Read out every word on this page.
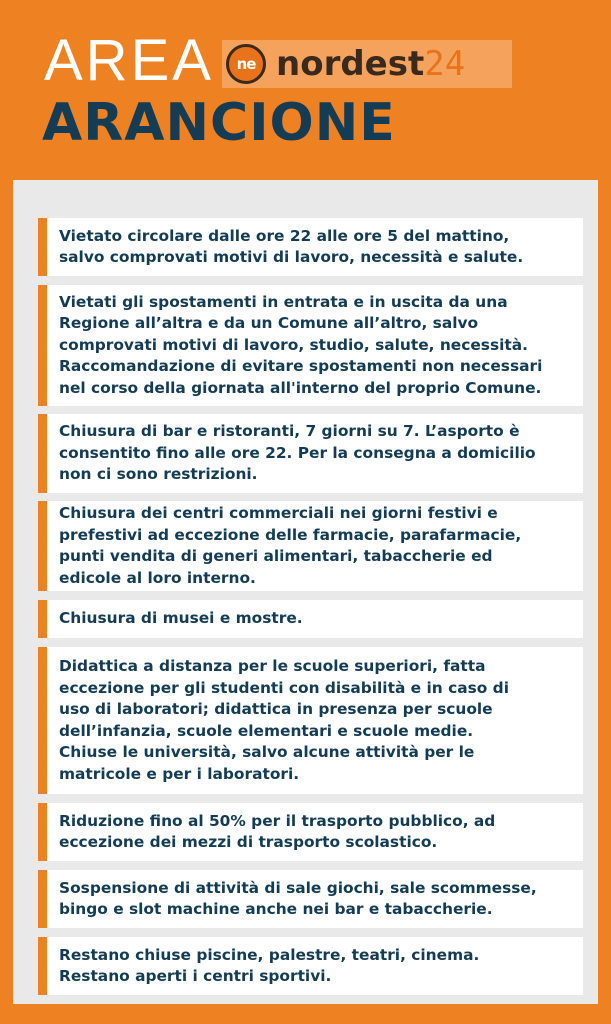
AREA	ne nordest24
ARANCIONE
Vietato circolare dalle ore 22 alle ore 5 del mattino,
salvo comprovati motivi di lavoro, necessità e salute.
Vietati gli spostamenti in entrata e in uscita da una
Regione all’altra e da un Comune all’altro, salvo
comprovati motivi di lavoro, studio, salute, necessità.
Raccomandazione di evitare spostamenti non necessari
nel corso della giornata all'interno del proprio Comune.
Chiusura di bar e ristoranti, 7 giorni su 7. L’asporto è
consentito fino alle ore 22. Per la consegna a domicilio
non ci sono restrizioni.
Chiusura dei centri commerciali nei giorni festivi e
prefestivi ad eccezione delle farmacie, parafarmacie,
punti vendita di generi alimentari, tabaccherie ed
edicole al loro interno.
Chiusura di musei e mostre.
Didattica a distanza per le scuole superiori, fatta
eccezione per gli studenti con disabilità e in caso di
uso di laboratori; didattica in presenza per scuole
dell’infanzia, scuole elementari e scuole medie.
Chiuse le università, salvo alcune attività per le
matricole e per i laboratori.
Riduzione fino al 50% per il trasporto pubblico, ad
eccezione dei mezzi di trasporto scolastico.
Sospensione di attività di sale giochi, sale scommesse,
bingo e slot machine anche nei bar e tabaccherie.
Restano chiuse piscine, palestre, teatri, cinema.
Restano aperti i centri sportivi.
